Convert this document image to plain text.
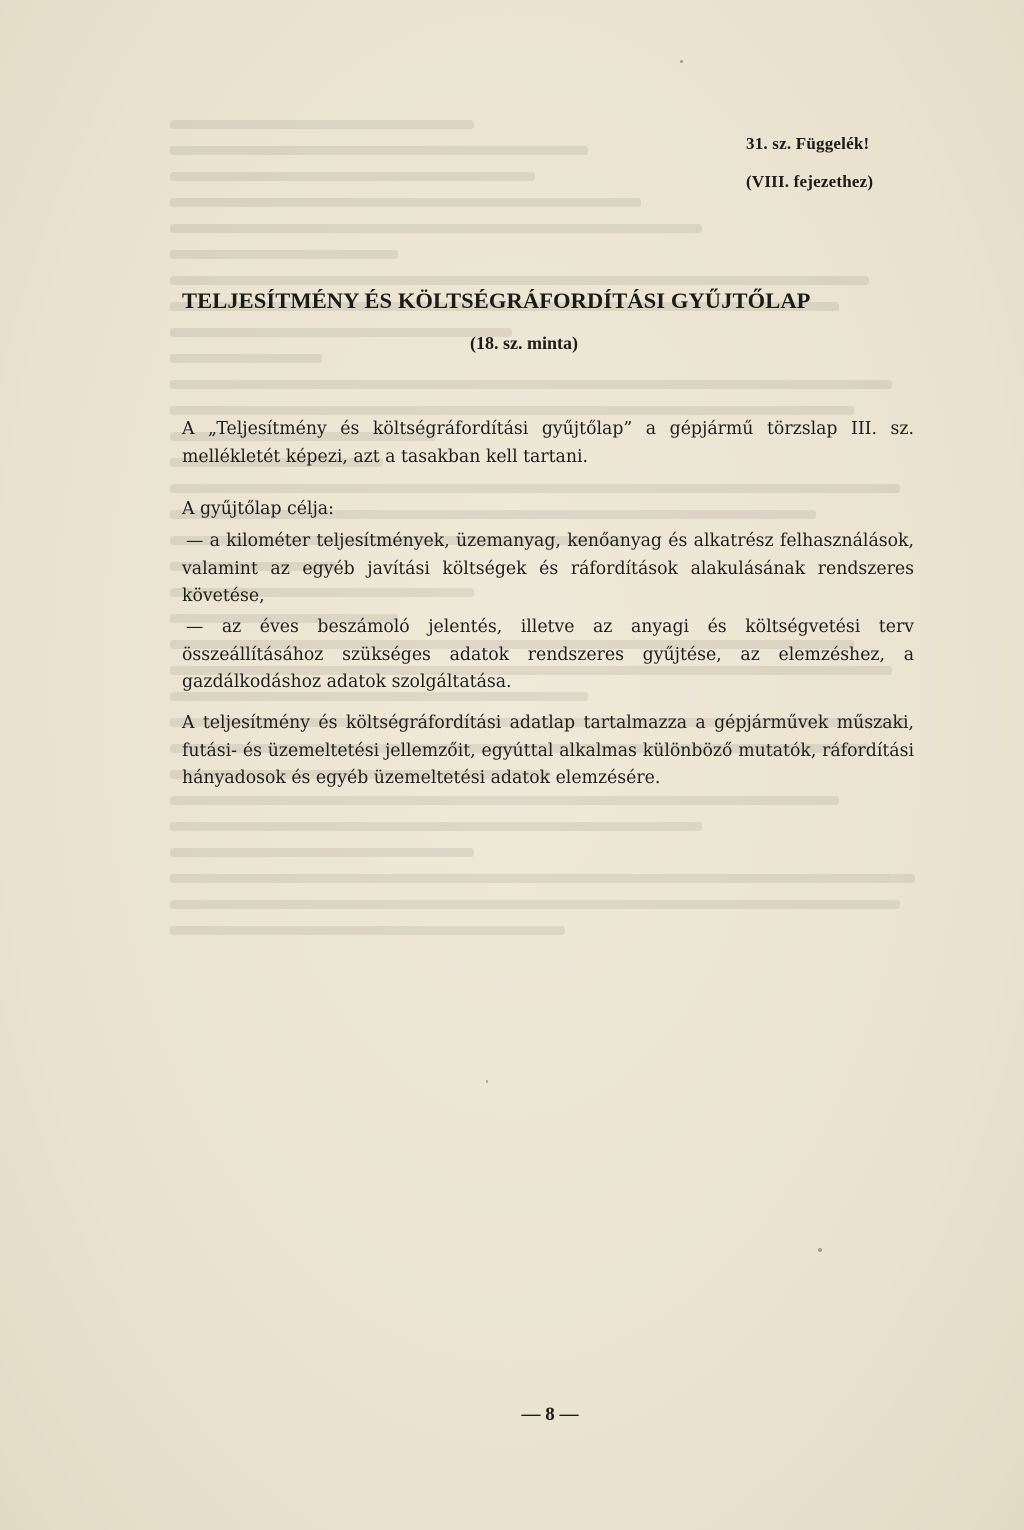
31. sz. Függelék!
(VIII. fejezethez)
TELJESÍTMÉNY ÉS KÖLTSÉGRÁFORDÍTÁSI GYŰJTŐLAP
(18. sz. minta)

A „Teljesítmény és költségráfordítási gyűjtőlap” a gépjármű törzslap III. sz. mellékletét képezi, azt a tasakban kell tartani.

A gyűjtőlap célja:

— a kilométer teljesítmények, üzemanyag, kenőanyag és alkatrész felhasználások, valamint az egyéb javítási költségek és ráfordítások alakulásának rendszeres követése,

— az éves beszámoló jelentés, illetve az anyagi és költségvetési terv összeállításához szükséges adatok rendszeres gyűjtése, az elemzéshez, a gazdálkodáshoz adatok szolgáltatása.

A teljesítmény és költségráfordítási adatlap tartalmazza a gépjárművek műszaki, futási- és üzemeltetési jellemzőit, egyúttal alkalmas különböző mutatók, ráfordítási hányadosok és egyéb üzemeltetési adatok elemzésére.

— 8 —
